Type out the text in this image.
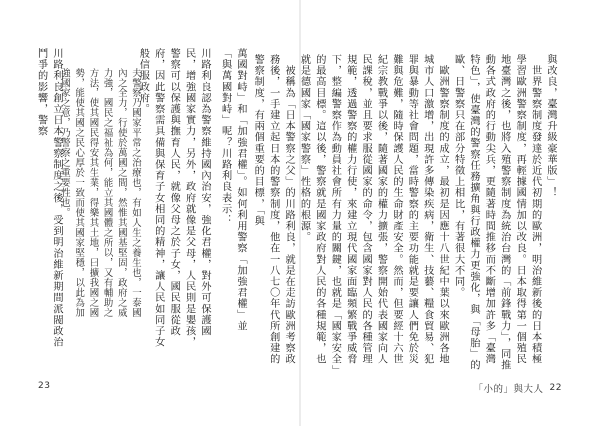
萬國對峙」和「加強君權」。如何利用警察「加強君權」並「與萬國對峙」呢？川路利良表示：
夫警察乃國家平常之治療也，有如人生之養生也，一泰國內之全力，行使於萬國之間，然惟其國基堅固，政府之威力強，國民之福祉為何，能立其國體之所以，又有輔助之方法，使其國民得安其生業，得樂其土地，曰擴我國之國勢，能使其國之民心厚於一致而使其國家堅穩，以此為加強國家之意，乃警察之重要性也。	川路利良認為警察維持國內治安，強化君權，對外可保護國民，增強國家實力，另外，政府就像是父母，人民則是嬰孩，警察可以保護與撫育人民，就像父母之於子女，國民服從政府，因此警察需具備與保育子女相同的精神，讓人民如同子女般信服政府。
川路利良創立日本警察制度之後，受到明治維新期間派閥政治鬥爭的影響，警察
23
與改良，臺灣升級豪華版」！
　世界警察制度發達於近代初期的歐洲，明治維新後的日本積極學習歐洲警察制度，再輕據國情加以改良。日本取得第一個殖民地臺灣之後，也將入殖警察制度為統治台灣的「前鋒戰力」，同推動各式政府的行動尖兵，更隨著時間推移而不斷增加許多「臺灣特色」，使臺灣的警察任務擴角與行政權力更強化，與「母胎」的歐、日警察只在部分特徵上相比，有著很大不同。
　歐洲警察制度的成立，最初是因應十八世紀中葉以來歐洲各地城市人口激增，出現許多傳染疾病，衛生、技藝、糧食貿易、犯罪與暴動等社會問題，當時警察的主要功能就是要讓人們免於災難與危難，隨時保護人民的生命財產安全。然而，但要經十六世紀宗教戰爭以後，隨著國家的權力擴張，警察開始代表國家向人民課稅，並且要求服從國家的命令，包含國家對人民的各種管理規範，透過警察的權力行使，來建立現代國家面臨頻繁戰爭威脅下，整編警察作為動員社會所有力量的關鍵，也就是「國家安全」的最高目標。這以後，警察就是國家政府對人民的各種規範，也就是德國家「國家警察」性格的根源。
　被稱為「日本警察之父」的川路利良，就是在走訪歐洲考察政務後，一手建立起日本的警察制度，他在一八七〇年代所創建的警察制度，有兩個重要的目標，「與
「小的」與大人 22
